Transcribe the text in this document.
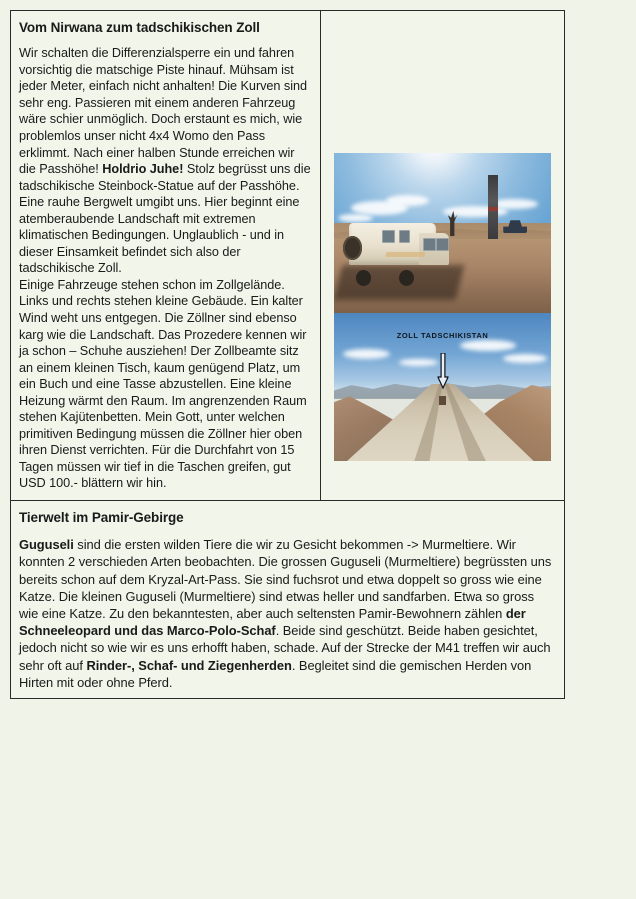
Vom Nirwana zum tadschikischen Zoll

Wir schalten die Differenzialsperre ein und fahren vorsichtig die matschige Piste hinauf. Mühsam ist jeder Meter, einfach nicht anhalten! Die Kurven sind sehr eng. Passieren mit einem anderen Fahrzeug wäre schier unmöglich. Doch erstaunt es mich, wie problemlos unser nicht 4x4 Womo den Pass erklimmt. Nach einer halben Stunde erreichen wir die Passhöhe! Holdrio Juhe! Stolz begrüsst uns die tadschikische Steinbock-Statue auf der Passhöhe. Eine rauhe Bergwelt umgibt uns. Hier beginnt eine atemberaubende Landschaft mit extremen klimatischen Bedingungen. Unglaublich - und in dieser Einsamkeit befindet sich also der tadschikische Zoll.

Einige Fahrzeuge stehen schon im Zollgelände. Links und rechts stehen kleine Gebäude. Ein kalter Wind weht uns entgegen. Die Zöllner sind ebenso karg wie die Landschaft. Das Prozedere kennen wir ja schon – Schuhe ausziehen! Der Zollbeamte sitz an einem kleinen Tisch, kaum genügend Platz, um ein Buch und eine Tasse abzustellen. Eine kleine Heizung wärmt den Raum. Im angrenzenden Raum stehen Kajütenbetten. Mein Gott, unter welchen primitiven Bedingung müssen die Zöllner hier oben ihren Dienst verrichten. Für die Durchfahrt von 15 Tagen müssen wir tief in die Taschen greifen, gut USD 100.- blättern wir hin.

ZOLL TADSCHIKISTAN
Tierwelt im Pamir-Gebirge
Guguseli sind die ersten wilden Tiere die wir zu Gesicht bekommen -> Murmeltiere. Wir konnten 2 verschieden Arten beobachten. Die grossen Guguseli (Murmeltiere) begrüssten uns bereits schon auf dem Kryzal-Art-Pass. Sie sind fuchsrot und etwa doppelt so gross wie eine Katze. Die kleinen Guguseli (Murmeltiere) sind etwas heller und sandfarben. Etwa so gross wie eine Katze. Zu den bekanntesten, aber auch seltensten Pamir-Bewohnern zählen der Schneeleopard und das Marco-Polo-Schaf. Beide sind geschützt. Beide haben gesichtet, jedoch nicht so wie wir es uns erhofft haben, schade. Auf der Strecke der M41 treffen wir auch sehr oft auf Rinder-, Schaf- und Ziegenherden. Begleitet sind die gemischen Herden von Hirten mit oder ohne Pferd.
